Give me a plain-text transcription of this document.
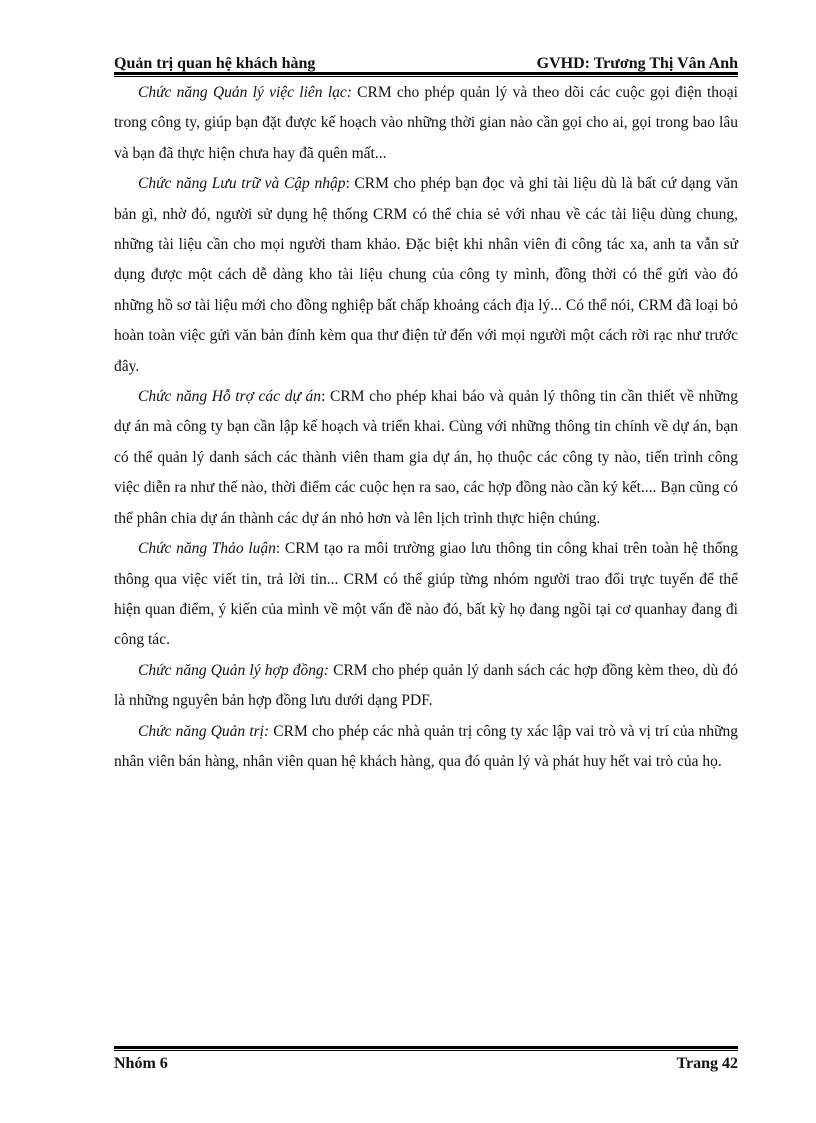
Quản trị quan hệ khách hàng	GVHD: Trương Thị Vân Anh

Chức năng Quản lý việc liên lạc: CRM cho phép quản lý và theo dõi các cuộc gọi điện thoại trong công ty, giúp bạn đặt được kế hoạch vào những thời gian nào cần gọi cho ai, gọi trong bao lâu và bạn đã thực hiện chưa hay đã quên mất...

Chức năng Lưu trữ và Cập nhập: CRM cho phép bạn đọc và ghi tài liệu dù là bất cứ dạng văn bản gì, nhờ đó, người sử dụng hệ thống CRM có thể chia sẻ với nhau về các tài liệu dùng chung, những tài liệu cần cho mọi người tham khảo. Đặc biệt khi nhân viên đi công tác xa, anh ta vẫn sử dụng được một cách dễ dàng kho tài liệu chung của công ty mình, đồng thời có thể gửi vào đó những hồ sơ tài liệu mới cho đồng nghiệp bất chấp khoảng cách địa lý... Có thể nói, CRM đã loại bỏ hoàn toàn việc gửi văn bản đính kèm qua thư điện tử đến với mọi người một cách rời rạc như trước đây.

Chức năng Hỗ trợ các dự án: CRM cho phép khai báo và quản lý thông tin cần thiết về những dự án mà công ty bạn cần lập kế hoạch và triển khai. Cùng với những thông tin chính về dự án, bạn có thể quản lý danh sách các thành viên tham gia dự án, họ thuộc các công ty nào, tiến trình công việc diễn ra như thế nào, thời điểm các cuộc hẹn ra sao, các hợp đồng nào cần ký kết.... Bạn cũng có thể phân chia dự án thành các dự án nhỏ hơn và lên lịch trình thực hiện chúng.

Chức năng Thảo luận: CRM tạo ra môi trường giao lưu thông tin công khai trên toàn hệ thống thông qua việc viết tin, trả lời tin... CRM có thể giúp từng nhóm người trao đổi trực tuyến để thể hiện quan điểm, ý kiến của mình về một vấn đề nào đó, bất kỳ họ đang ngồi tại cơ quanhay đang đi công tác.

Chức năng Quản lý hợp đồng: CRM cho phép quản lý danh sách các hợp đồng kèm theo, dù đó là những nguyên bản hợp đồng lưu dưới dạng PDF.

Chức năng Quản trị: CRM cho phép các nhà quản trị công ty xác lập vai trò và vị trí của những nhân viên bán hàng, nhân viên quan hệ khách hàng, qua đó quản lý và phát huy hết vai trò của họ.

Nhóm 6	Trang 42
